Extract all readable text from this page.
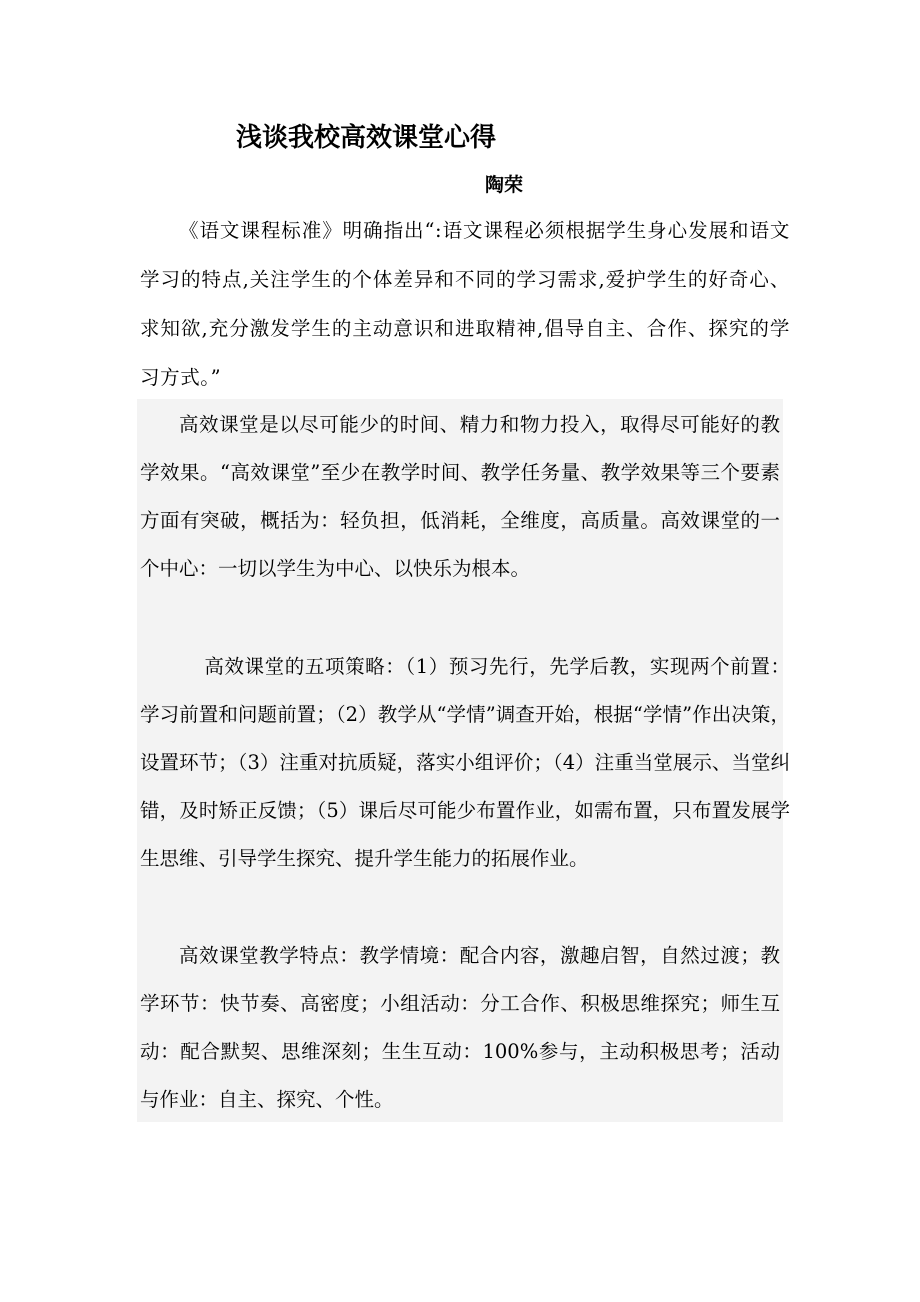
浅谈我校高效课堂心得
陶荣

《语文课程标准》明确指出“:语文课程必须根据学生身心发展和语文学习的特点,关注学生的个体差异和不同的学习需求,爱护学生的好奇心、求知欲,充分激发学生的主动意识和进取精神,倡导自主、合作、探究的学习方式。”

高效课堂是以尽可能少的时间、精力和物力投入，取得尽可能好的教学效果。“高效课堂”至少在教学时间、教学任务量、教学效果等三个要素方面有突破，概括为：轻负担，低消耗，全维度，高质量。高效课堂的一个中心：一切以学生为中心、以快乐为根本。

高效课堂的五项策略：（1）预习先行，先学后教，实现两个前置：学习前置和问题前置；（2）教学从“学情”调查开始，根据“学情”作出决策，设置环节；（3）注重对抗质疑，落实小组评价；（4）注重当堂展示、当堂纠错，及时矫正反馈；（5）课后尽可能少布置作业，如需布置，只布置发展学生思维、引导学生探究、提升学生能力的拓展作业。

高效课堂教学特点：教学情境：配合内容，激趣启智，自然过渡；教学环节：快节奏、高密度；小组活动：分工合作、积极思维探究；师生互动：配合默契、思维深刻；生生互动：100%参与，主动积极思考；活动与作业：自主、探究、个性。
